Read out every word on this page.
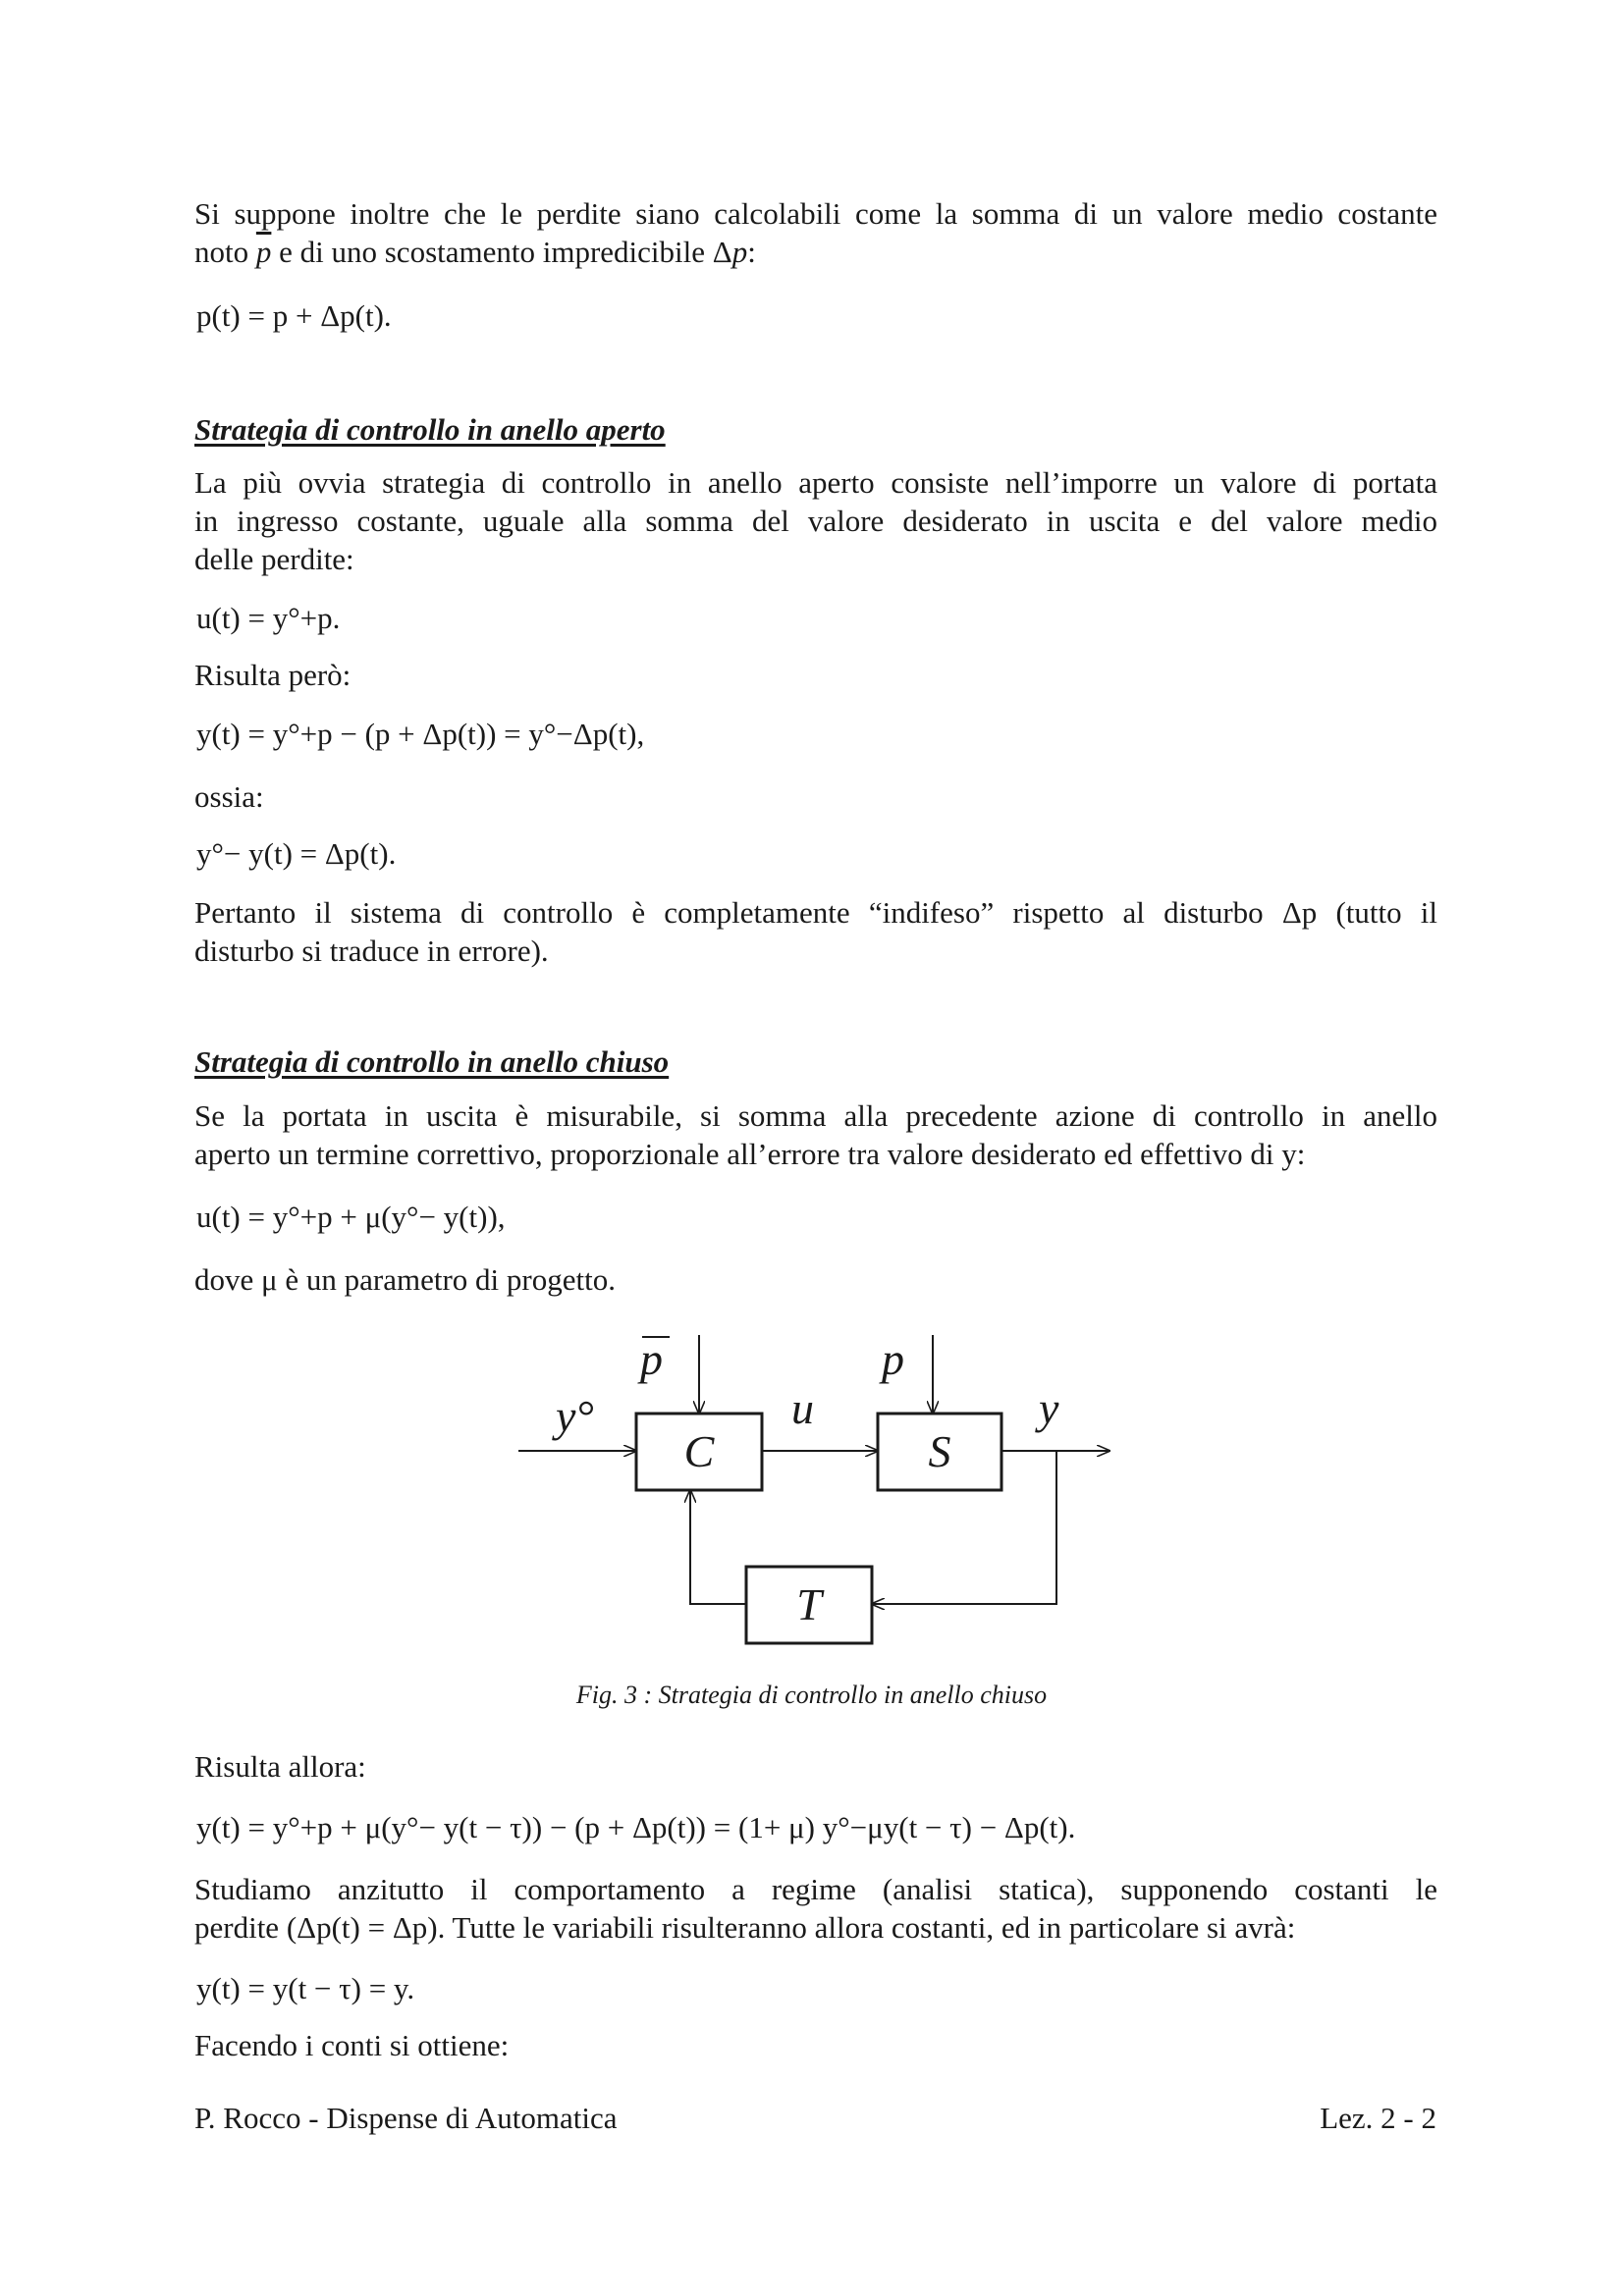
Si suppone inoltre che le perdite siano calcolabili come la somma di un valore medio costante
noto $\overline{p}$ e di uno scostamento impredicibile Δp:
p(t) = p + Δp(t).
Strategia di controllo in anello aperto
La più ovvia strategia di controllo in anello aperto consiste nell’imporre un valore di portata
in ingresso costante, uguale alla somma del valore desiderato in uscita e del valore medio
delle perdite:
u(t) = y°+p.
Risulta però:
y(t) = y°+p − (p + Δp(t)) = y°−Δp(t),
ossia:
y°− y(t) = Δp(t).
Pertanto il sistema di controllo è completamente “indifeso” rispetto al disturbo Δp (tutto il
disturbo si traduce in errore).
Strategia di controllo in anello chiuso
Se la portata in uscita è misurabile, si somma alla precedente azione di controllo in anello
aperto un termine correttivo, proporzionale all’errore tra valore desiderato ed effettivo di y:
u(t) = y°+p + μ(y°− y(t)),
dove μ è un parametro di progetto.
C	S
T
y°
p	p
u	y
Fig. 3 : Strategia di controllo in anello chiuso
Risulta allora:
y(t) = y°+p + μ(y°− y(t − τ)) − (p + Δp(t)) = (1+ μ) y°−μy(t − τ) − Δp(t).
Studiamo anzitutto il comportamento a regime (analisi statica), supponendo costanti le
perdite (Δp(t) = Δp). Tutte le variabili risulteranno allora costanti, ed in particolare si avrà:
y(t) = y(t − τ) = y.
Facendo i conti si ottiene:
P. Rocco - Dispense di Automatica	Lez. 2 - 2
